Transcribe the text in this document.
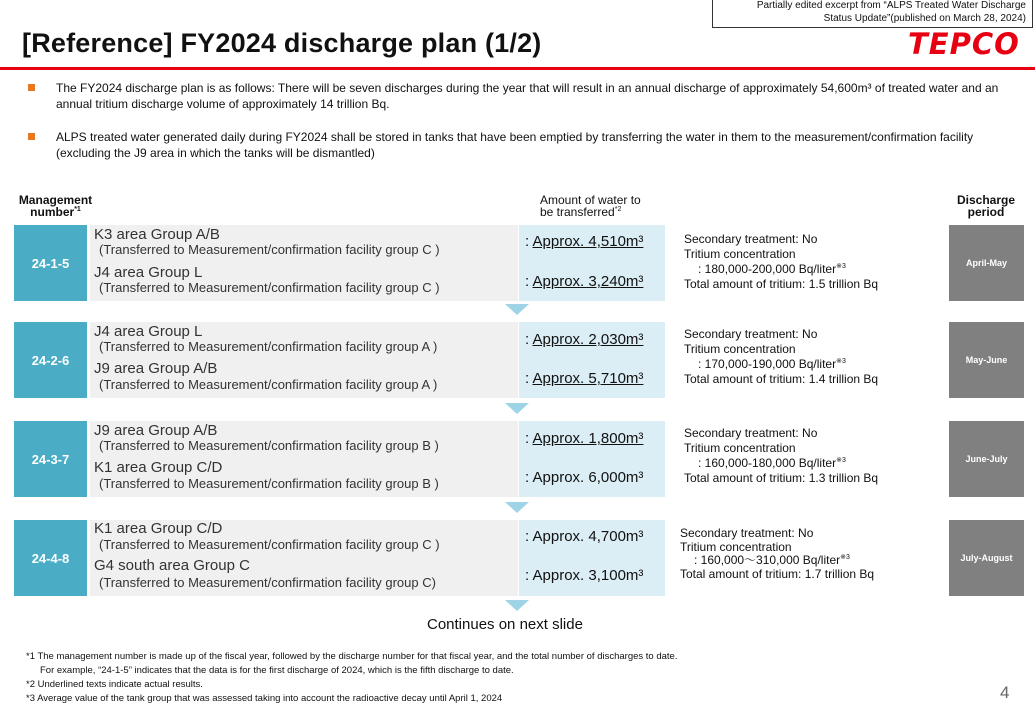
Partially edited excerpt from “ALPS Treated Water Discharge
Status Update”(published on March 28, 2024)
[Reference] FY2024 discharge plan (1/2)	TEPCO
The FY2024 discharge plan is as follows: There will be seven discharges during the year that will result in an annual discharge of approximately 54,600m³ of treated water and an annual tritium discharge volume of approximately 14 trillion Bq.
ALPS treated water generated daily during FY2024 shall be stored in tanks that have been emptied by transferring the water in them to the measurement/confirmation facility (excluding the J9 area in which the tanks will be dismantled)
Management
number$^{*1}$
Amount of water to
be transferred$^{*2}$
Discharge
period
24-1-5
K3 area Group A/B
(Transferred to Measurement/confirmation facility group C )
J4 area Group L
(Transferred to Measurement/confirmation facility group C )
: Approx. 4,510m³
: Approx. 3,240m³
Secondary treatment: No
Tritium concentration
: 180,000-200,000 Bq/liter$^{※3}$
Total amount of tritium: 1.5 trillion Bq
April-May
24-2-6
J4 area Group L
(Transferred to Measurement/confirmation facility group A )
J9 area Group A/B
(Transferred to Measurement/confirmation facility group A )
: Approx. 2,030m³
: Approx. 5,710m³
Secondary treatment: No
Tritium concentration
: 170,000-190,000 Bq/liter$^{※3}$
Total amount of tritium: 1.4 trillion Bq
May-June
24-3-7
J9 area Group A/B
(Transferred to Measurement/confirmation facility group B )
K1 area Group C/D
(Transferred to Measurement/confirmation facility group B )
: Approx. 1,800m³
: Approx. 6,000m³
Secondary treatment: No
Tritium concentration
: 160,000-180,000 Bq/liter$^{※3}$
Total amount of tritium: 1.3 trillion Bq
June-July
24-4-8
K1 area Group C/D
(Transferred to Measurement/confirmation facility group C )
G4 south area Group C
(Transferred to Measurement/confirmation facility group C)
: Approx. 4,700m³
: Approx. 3,100m³
Secondary treatment: No
Tritium concentration
: 160,000～310,000 Bq/liter$^{※3}$
Total amount of tritium: 1.7 trillion Bq
July-August
Continues on next slide
*1 The management number is made up of the fiscal year, followed by the discharge number for that fiscal year, and the total number of discharges to date.
For example, “24-1-5” indicates that the data is for the first discharge of 2024, which is the fifth discharge to date.
*2 Underlined texts indicate actual results.
*3 Average value of the tank group that was assessed taking into account the radioactive decay until April 1, 2024	4
